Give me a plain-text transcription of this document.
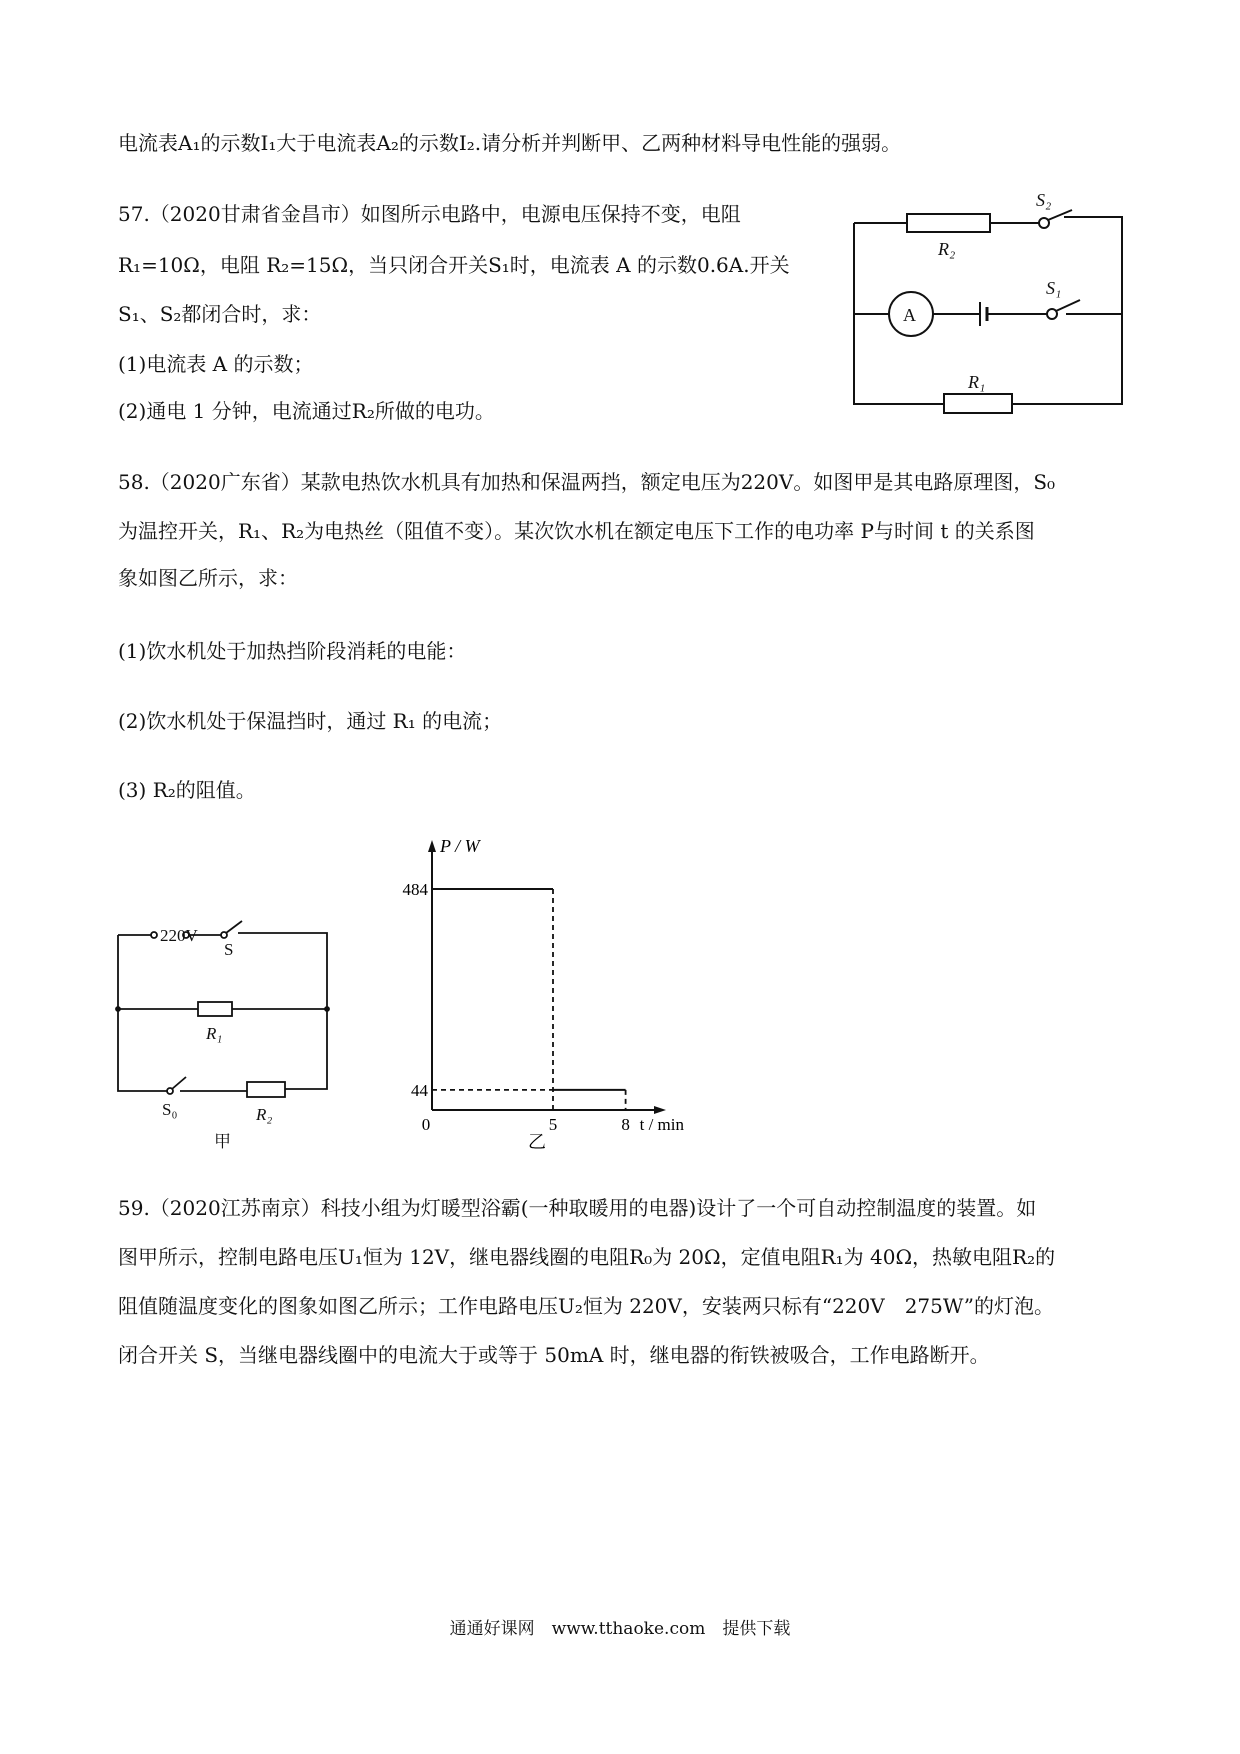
电流表A₁的示数I₁大于电流表A₂的示数I₂.请分析并判断甲、乙两种材料导电性能的强弱。
57.（2020甘肃省金昌市）如图所示电路中，电源电压保持不变，电阻
R₁=10Ω，电阻 R₂=15Ω，当只闭合开关S₁时，电流表 A 的示数0.6A.开关
S₁、S₂都闭合时，求：
(1)电流表 A 的示数；
(2)通电 1 分钟，电流通过R₂所做的电功。
R₂
S₂
A
S₁
R₁
58.（2020广东省）某款电热饮水机具有加热和保温两挡，额定电压为220V。如图甲是其电路原理图，S₀
为温控开关，R₁、R₂为电热丝（阻值不变）。某次饮水机在额定电压下工作的电功率 P与时间 t 的关系图
象如图乙所示，求：
(1)饮水机处于加热挡阶段消耗的电能：
(2)饮水机处于保温挡时，通过 R₁ 的电流；
(3) R₂的阻值。
220V
S
R₁
S₀	R₂
甲
484
44
0	5	8
P / W
t / min
乙
59.（2020江苏南京）科技小组为灯暖型浴霸(一种取暖用的电器)设计了一个可自动控制温度的装置。如
图甲所示，控制电路电压U₁恒为 12V，继电器线圈的电阻R₀为 20Ω，定值电阻R₁为 40Ω，热敏电阻R₂的
阻值随温度变化的图象如图乙所示；工作电路电压U₂恒为 220V，安装两只标有“220V　275W”的灯泡。
闭合开关 S，当继电器线圈中的电流大于或等于 50mA 时，继电器的衔铁被吸合，工作电路断开。
通通好课网　www.tthaoke.com　提供下载
